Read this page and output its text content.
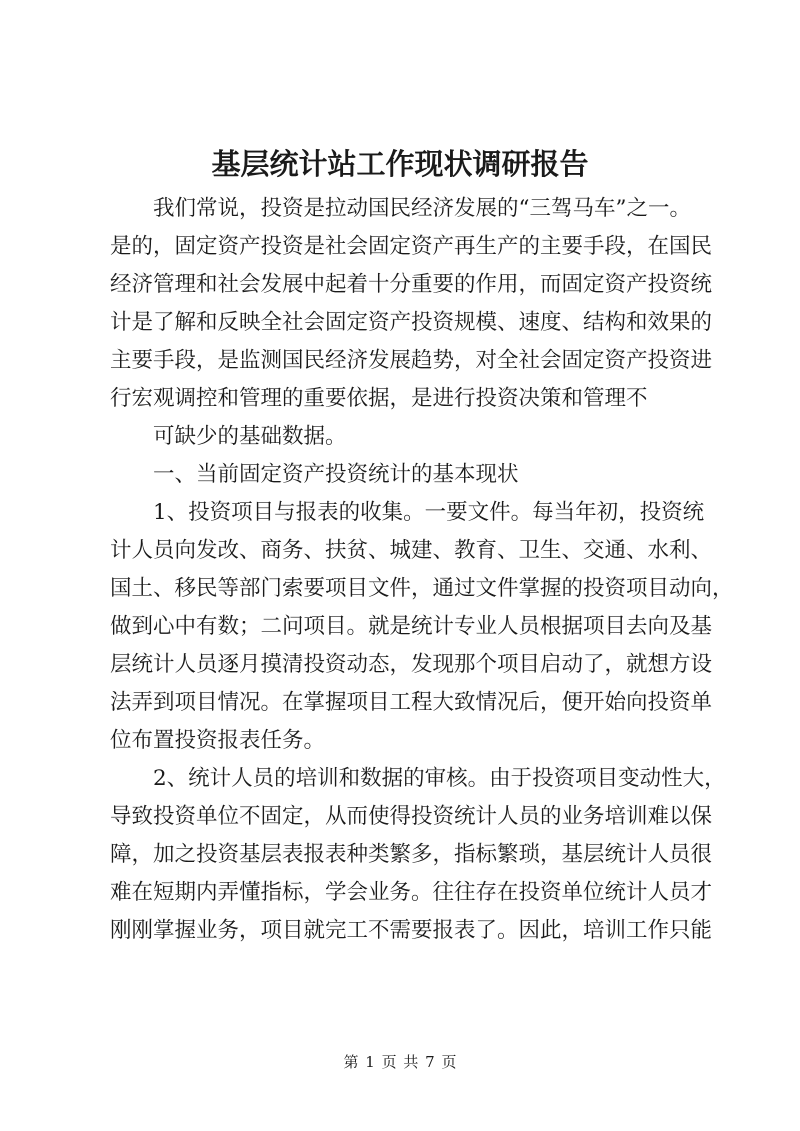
基层统计站工作现状调研报告
我们常说，投资是拉动国民经济发展的“三驾马车”之一。
是的，固定资产投资是社会固定资产再生产的主要手段，在国民
经济管理和社会发展中起着十分重要的作用，而固定资产投资统
计是了解和反映全社会固定资产投资规模、速度、结构和效果的
主要手段，是监测国民经济发展趋势，对全社会固定资产投资进
行宏观调控和管理的重要依据，是进行投资决策和管理不
可缺少的基础数据。
一、当前固定资产投资统计的基本现状
1、投资项目与报表的收集。一要文件。每当年初，投资统
计人员向发改、商务、扶贫、城建、教育、卫生、交通、水利、
国土、移民等部门索要项目文件，通过文件掌握的投资项目动向，
做到心中有数；二问项目。就是统计专业人员根据项目去向及基
层统计人员逐月摸清投资动态，发现那个项目启动了，就想方设
法弄到项目情况。在掌握项目工程大致情况后，便开始向投资单
位布置投资报表任务。
2、统计人员的培训和数据的审核。由于投资项目变动性大，
导致投资单位不固定，从而使得投资统计人员的业务培训难以保
障，加之投资基层表报表种类繁多，指标繁琐，基层统计人员很
难在短期内弄懂指标，学会业务。往往存在投资单位统计人员才
刚刚掌握业务，项目就完工不需要报表了。因此，培训工作只能
第 1 页 共 7 页
